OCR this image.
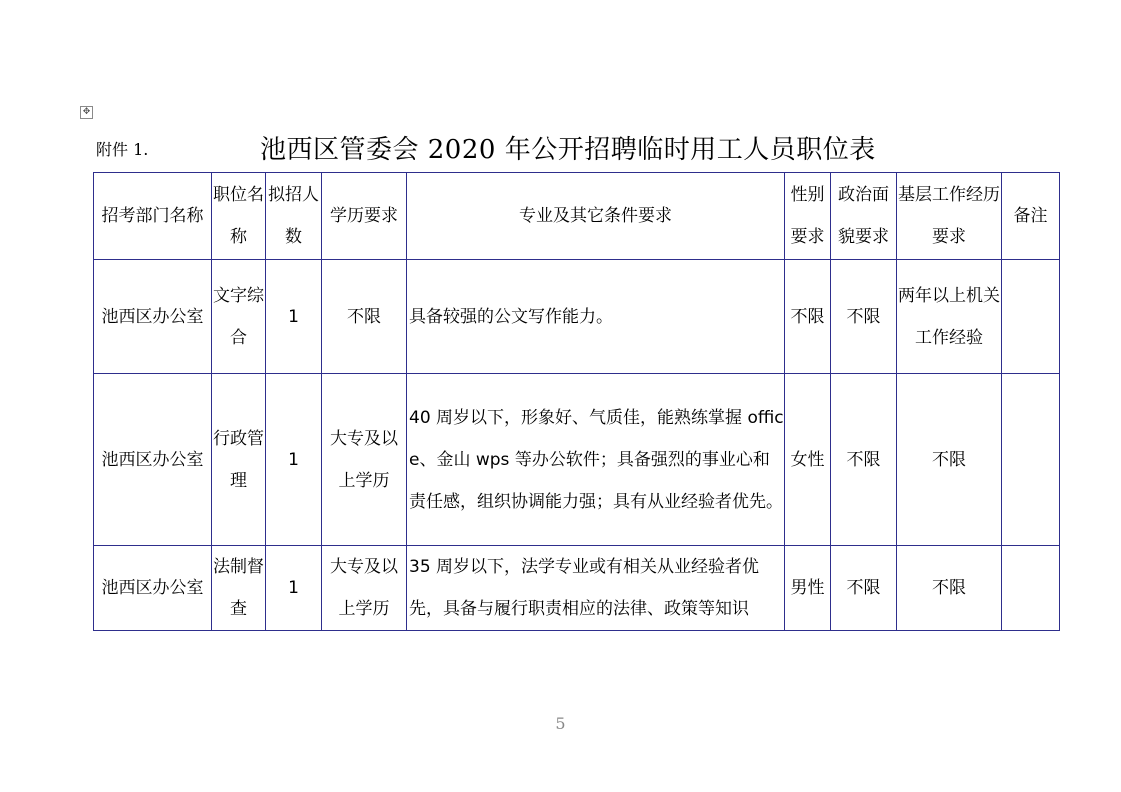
✥
附件 1.	池西区管委会 2020 年公开招聘临时用工人员职位表
招考部门名称	职位名称	拟招人数	学历要求	专业及其它条件要求	性别要求	政治面貌要求	基层工作经历要求	备注
池西区办公室	文字综合	1	不限	具备较强的公文写作能力。	不限	不限	两年以上机关工作经验	
池西区办公室	行政管理	1	大专及以上学历	40 周岁以下，形象好、气质佳，能熟练掌握 office、金山 wps 等办公软件；具备强烈的事业心和责任感，组织协调能力强；具有从业经验者优先。	女性	不限	不限	
池西区办公室	法制督查	1	大专及以上学历	35 周岁以下，法学专业或有相关从业经验者优先，具备与履行职责相应的法律、政策等知识	男性	不限	不限	
5
